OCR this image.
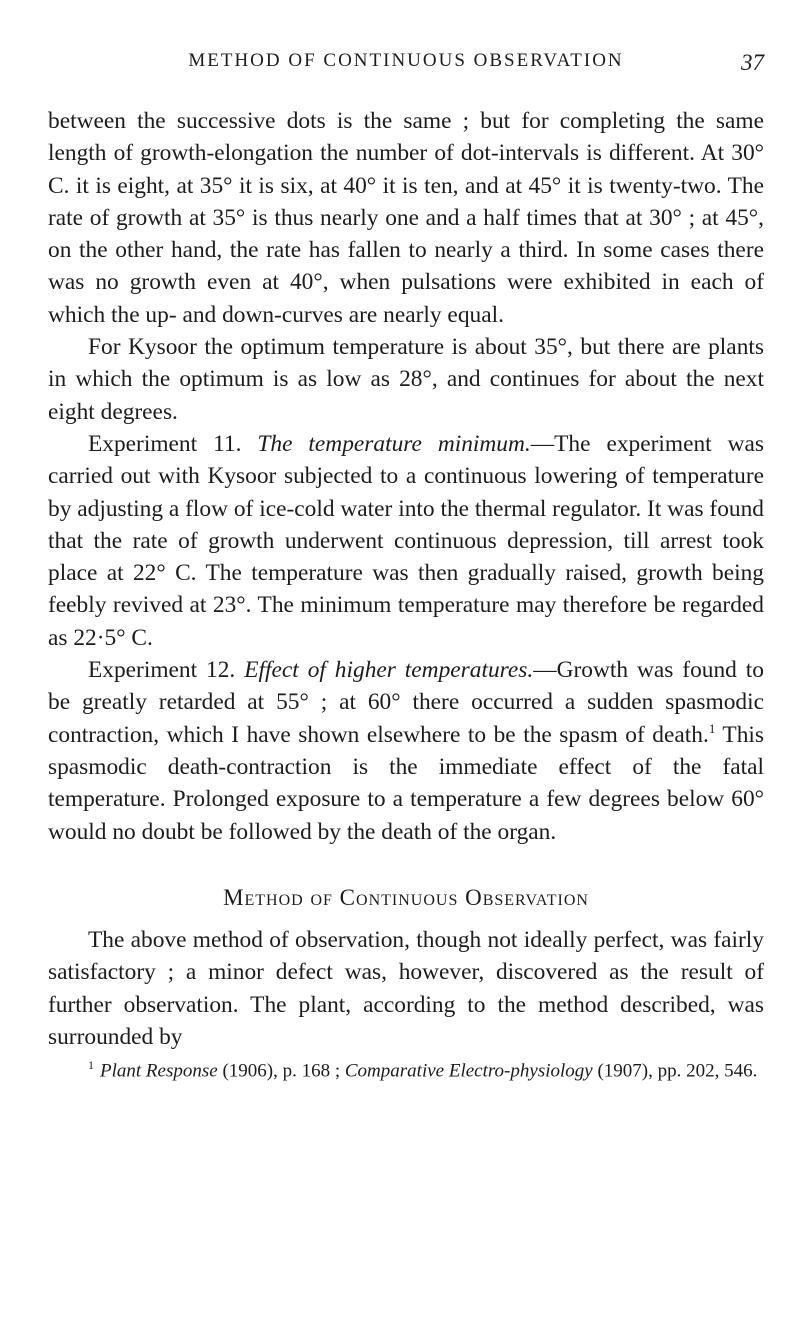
METHOD OF CONTINUOUS OBSERVATION	37

between the successive dots is the same ; but for completing the same length of growth-elongation the number of dot-intervals is different. At 30° C. it is eight, at 35° it is six, at 40° it is ten, and at 45° it is twenty-two. The rate of growth at 35° is thus nearly one and a half times that at 30° ; at 45°, on the other hand, the rate has fallen to nearly a third. In some cases there was no growth even at 40°, when pulsations were exhibited in each of which the up- and down-curves are nearly equal.

For Kysoor the optimum temperature is about 35°, but there are plants in which the optimum is as low as 28°, and continues for about the next eight degrees.

Experiment 11. The temperature minimum.—The experiment was carried out with Kysoor subjected to a continuous lowering of temperature by adjusting a flow of ice-cold water into the thermal regulator. It was found that the rate of growth underwent continuous depression, till arrest took place at 22° C. The temperature was then gradually raised, growth being feebly revived at 23°. The minimum temperature may therefore be regarded as 22·5° C.

Experiment 12. Effect of higher temperatures.—Growth was found to be greatly retarded at 55° ; at 60° there occurred a sudden spasmodic contraction, which I have shown elsewhere to be the spasm of death.$^1$ This spasmodic death-contraction is the immediate effect of the fatal temperature. Prolonged exposure to a temperature a few degrees below 60° would no doubt be followed by the death of the organ.

Method of Continuous Observation

The above method of observation, though not ideally perfect, was fairly satisfactory ; a minor defect was, however, discovered as the result of further observation. The plant, according to the method described, was surrounded by

$^1$ Plant Response (1906), p. 168 ; Comparative Electro-physiology (1907), pp. 202, 546.
